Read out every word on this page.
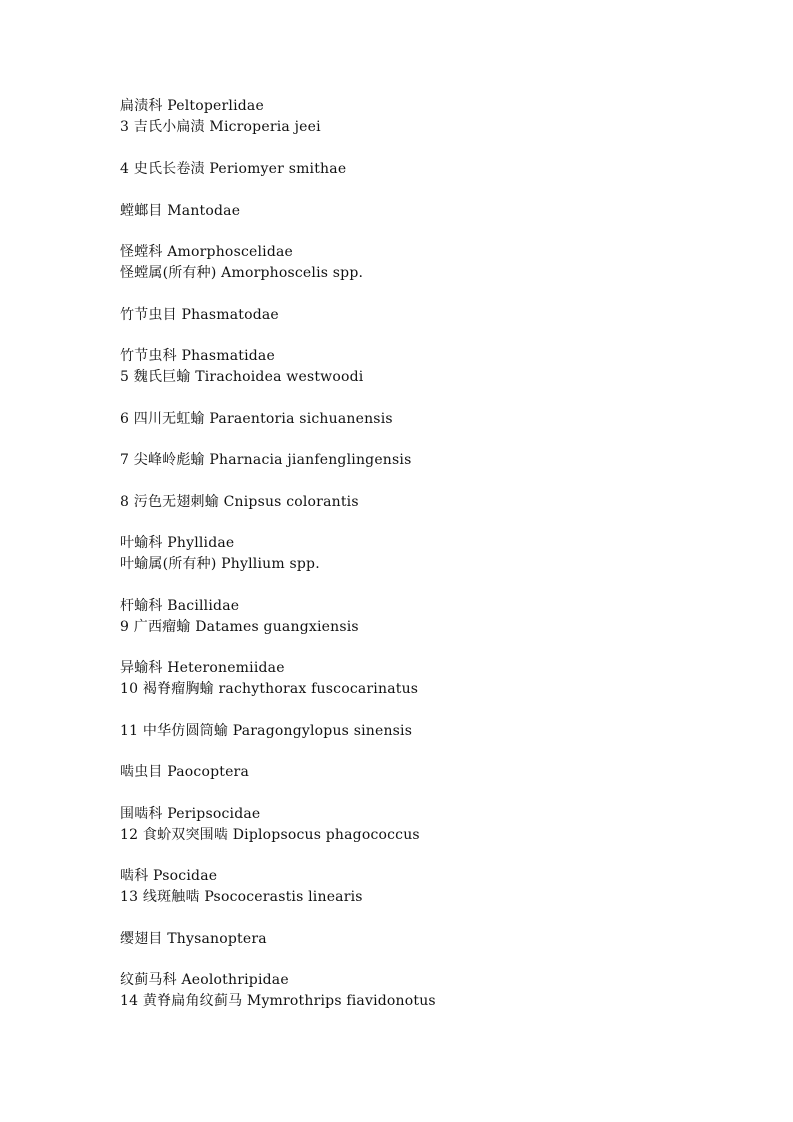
扁渍科 Peltoperlidae
3 吉氏小扁渍 Microperia jeei
4 史氏长卷渍 Periomyer smithae
螳螂目 Mantodae
怪螳科 Amorphoscelidae
怪螳属(所有种) Amorphoscelis spp.
竹节虫目 Phasmatodae
竹节虫科 Phasmatidae
5 魏氏巨蝓 Tirachoidea westwoodi
6 四川无虹蝓 Paraentoria sichuanensis
7 尖峰岭彪蝓 Pharnacia jianfenglingensis
8 污色无翅刺蝓 Cnipsus colorantis
叶蝓科 Phyllidae
叶蝓属(所有种) Phyllium spp.
杆蝓科 Bacillidae
9 广西瘤蝓 Datames guangxiensis
异蝓科 Heteronemiidae
10 褐脊瘤胸蝓 rachythorax fuscocarinatus
11 中华仿圆筒蝓 Paragongylopus sinensis
啮虫目 Paocoptera
围啮科 Peripsocidae
12 食蚧双突围啮 Diplopsocus phagococcus
啮科 Psocidae
13 线斑触啮 Psococerastis linearis
缨翅目 Thysanoptera
纹蓟马科 Aeolothripidae
14 黄脊扁角纹蓟马 Mymrothrips fiavidonotus
